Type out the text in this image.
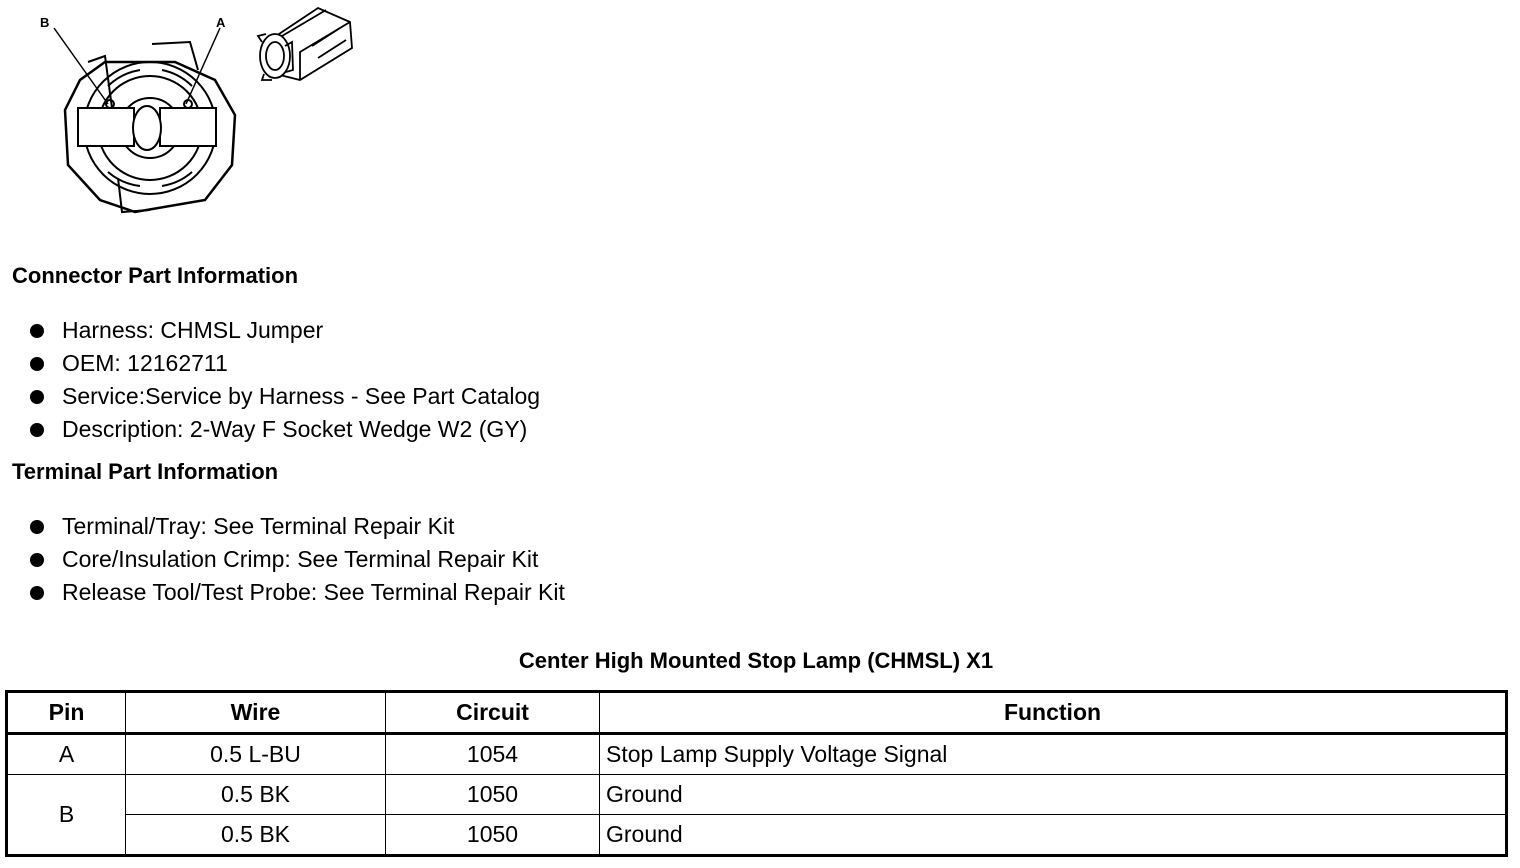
B	A
Connector Part Information
Harness: CHMSL Jumper
OEM: 12162711
Service:Service by Harness - See Part Catalog
Description: 2-Way F Socket Wedge W2 (GY)
Terminal Part Information
Terminal/Tray: See Terminal Repair Kit
Core/Insulation Crimp: See Terminal Repair Kit
Release Tool/Test Probe: See Terminal Repair Kit
Center High Mounted Stop Lamp (CHMSL) X1
Pin	Wire	Circuit	Function
A	0.5 L-BU	1054	Stop Lamp Supply Voltage Signal
B	0.5 BK	1050	Ground
	0.5 BK	1050	Ground
